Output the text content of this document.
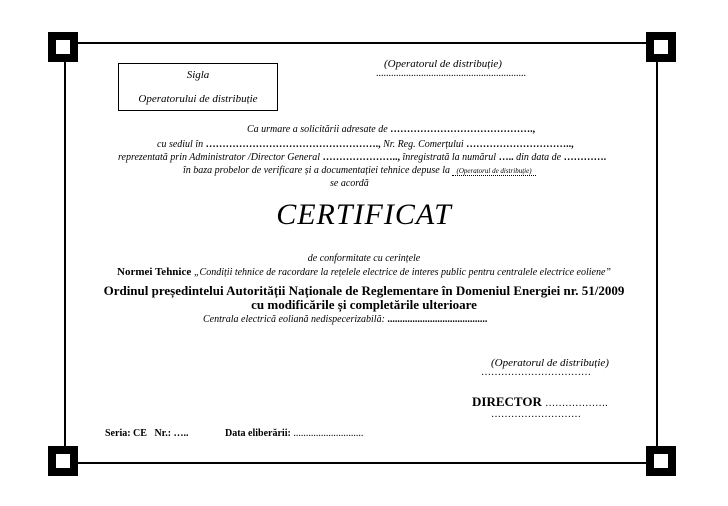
Sigla
Operatorului de distribuție
(Operatorul de distribuție)
............................................................
Ca urmare a solicitării adresate de …………………………………….,
cu sediul în ……………………………………………., Nr. Reg. Comerțului …………………………..,
reprezentată prin Administrator /Director General ………………….., înregistrată la numărul ….. din data de ………….
în baza probelor de verificare și a documentației tehnice depuse la (Operatorul de distribuție)
se acordă
CERTIFICAT
de conformitate cu cerințele
Normei Tehnice „Condiții tehnice de racordare la rețelele electrice de interes public pentru centralele electrice eoliene”
Ordinul președintelui Autorității Naționale de Reglementare în Domeniul Energiei nr. 51/2009
cu modificările și completările ulterioare
Centrala electrică eoliană nedispecerizabilă: ........................................
(Operatorul de distribuție)
……………………………
DIRECTOR ……………….
………………………
Seria: CE Nr.: …..	Data eliberării: ............................
